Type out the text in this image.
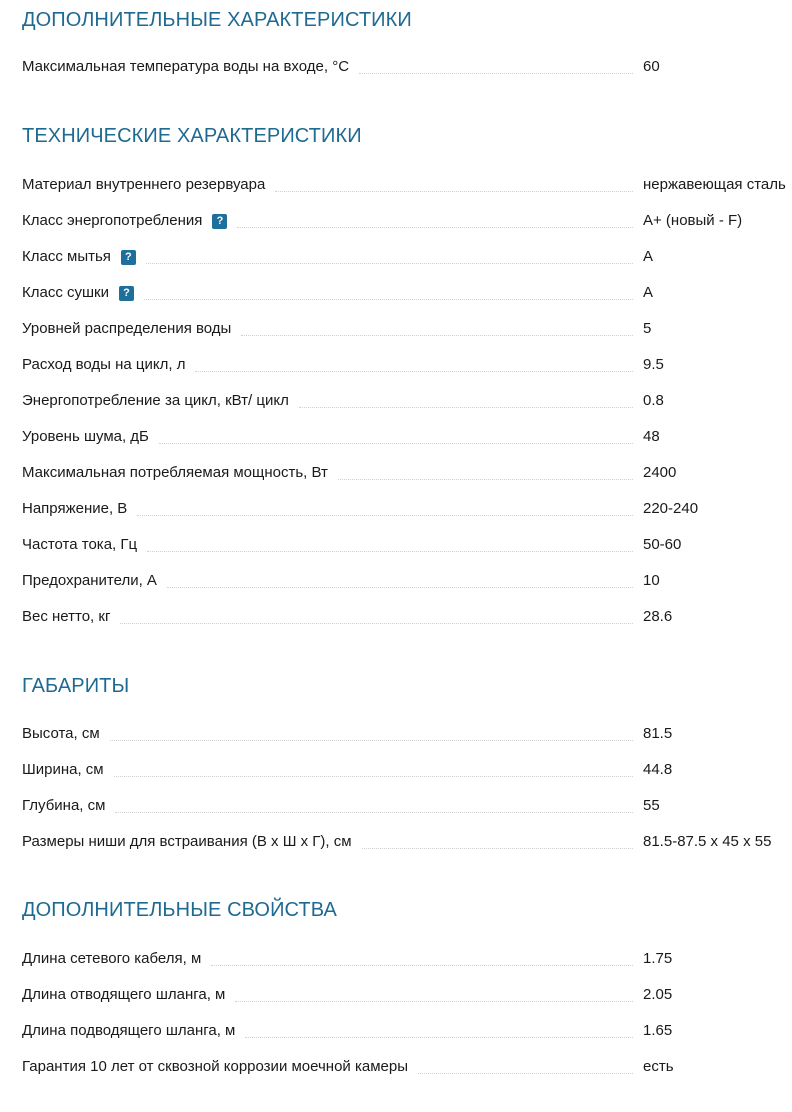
ДОПОЛНИТЕЛЬНЫЕ ХАРАКТЕРИСТИКИ
Максимальная температура воды на входе, °C	60
ТЕХНИЧЕСКИЕ ХАРАКТЕРИСТИКИ
Материал внутреннего резервуара	нержавеющая сталь
Класс энергопотребления	?	A+ (новый - F)
Класс мытья	?	A
Класс сушки	?	A
Уровней распределения воды	5
Расход воды на цикл, л	9.5
Энергопотребление за цикл, кВт/ цикл	0.8
Уровень шума, дБ	48
Максимальная потребляемая мощность, Вт	2400
Напряжение, В	220-240
Частота тока, Гц	50-60
Предохранители, А	10
Вес нетто, кг	28.6
ГАБАРИТЫ
Высота, см	81.5
Ширина, см	44.8
Глубина, см	55
Размеры ниши для встраивания (В х Ш х Г), см	81.5-87.5 х 45 х 55
ДОПОЛНИТЕЛЬНЫЕ СВОЙСТВА
Длина сетевого кабеля, м	1.75
Длина отводящего шланга, м	2.05
Длина подводящего шланга, м	1.65
Гарантия 10 лет от сквозной коррозии моечной камеры	есть
